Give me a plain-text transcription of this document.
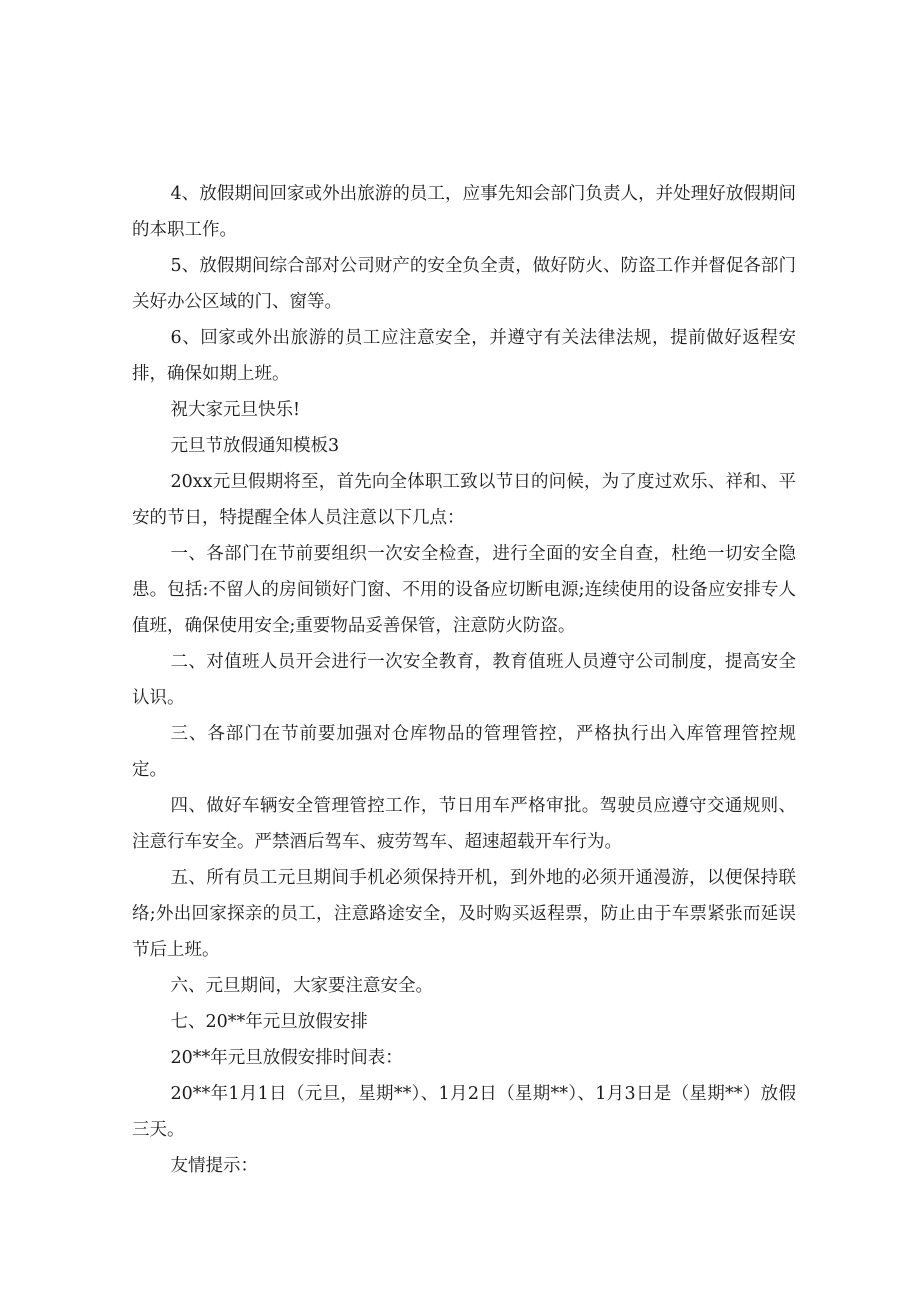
4、放假期间回家或外出旅游的员工，应事先知会部门负责人，并处理好放假期间的本职工作。

5、放假期间综合部对公司财产的安全负全责，做好防火、防盗工作并督促各部门关好办公区域的门、窗等。

6、回家或外出旅游的员工应注意安全，并遵守有关法律法规，提前做好返程安排，确保如期上班。

祝大家元旦快乐!

元旦节放假通知模板3

20xx元旦假期将至，首先向全体职工致以节日的问候，为了度过欢乐、祥和、平安的节日，特提醒全体人员注意以下几点：

一、各部门在节前要组织一次安全检查，进行全面的安全自查，杜绝一切安全隐患。包括:不留人的房间锁好门窗、不用的设备应切断电源;连续使用的设备应安排专人值班，确保使用安全;重要物品妥善保管，注意防火防盗。

二、对值班人员开会进行一次安全教育，教育值班人员遵守公司制度，提高安全认识。

三、各部门在节前要加强对仓库物品的管理管控，严格执行出入库管理管控规定。

四、做好车辆安全管理管控工作，节日用车严格审批。驾驶员应遵守交通规则、注意行车安全。严禁酒后驾车、疲劳驾车、超速超载开车行为。

五、所有员工元旦期间手机必须保持开机，到外地的必须开通漫游，以便保持联络;外出回家探亲的员工，注意路途安全，及时购买返程票，防止由于车票紧张而延误节后上班。

六、元旦期间，大家要注意安全。

七、20**年元旦放假安排

20**年元旦放假安排时间表：

20**年1月1日（元旦，星期**）、1月2日（星期**）、1月3日是（星期**）放假三天。

友情提示：
